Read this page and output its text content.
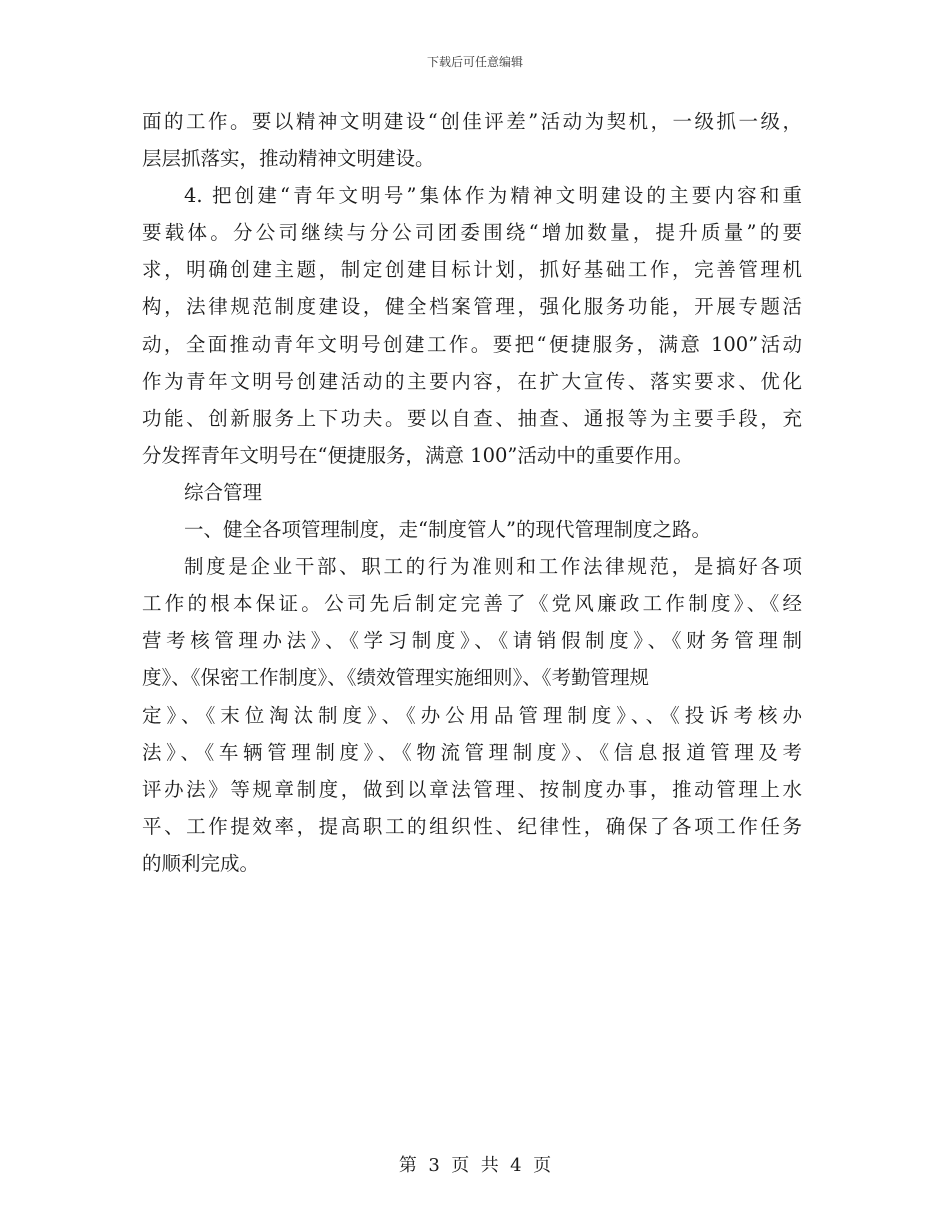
下载后可任意编辑
面的工作。要以精神文明建设“创佳评差”活动为契机，一级抓一级，
层层抓落实，推动精神文明建设。
4. 把创建“青年文明号”集体作为精神文明建设的主要内容和重
要载体。分公司继续与分公司团委围绕“增加数量，提升质量”的要
求，明确创建主题，制定创建目标计划，抓好基础工作，完善管理机
构，法律规范制度建设，健全档案管理，强化服务功能，开展专题活
动，全面推动青年文明号创建工作。要把“便捷服务，满意 100”活动
作为青年文明号创建活动的主要内容，在扩大宣传、落实要求、优化
功能、创新服务上下功夫。要以自查、抽查、通报等为主要手段，充
分发挥青年文明号在“便捷服务，满意 100”活动中的重要作用。
综合管理
一、健全各项管理制度，走“制度管人”的现代管理制度之路。
制度是企业干部、职工的行为准则和工作法律规范，是搞好各项
工作的根本保证。公司先后制定完善了《党风廉政工作制度》、《经
营考核管理办法》、《学习制度》、《请销假制度》、《财务管理制
度》、《保密工作制度》、《绩效管理实施细则》、《考勤管理规
定》、《末位淘汰制度》、《办公用品管理制度》、、《投诉考核办
法》、《车辆管理制度》、《物流管理制度》、《信息报道管理及考
评办法》等规章制度，做到以章法管理、按制度办事，推动管理上水
平、工作提效率，提高职工的组织性、纪律性，确保了各项工作任务
的顺利完成。
第 3 页 共 4 页
